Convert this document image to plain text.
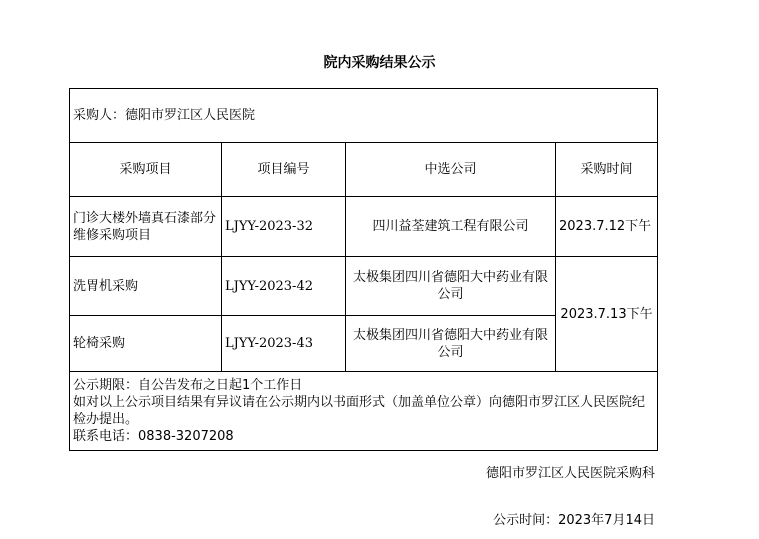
院内采购结果公示
采购人：德阳市罗江区人民医院			
采购项目	项目编号	中选公司	采购时间
门诊大楼外墙真石漆部分维修采购项目	LJYY-2023-32	四川益荃建筑工程有限公司	2023.7.12下午
洗胃机采购	LJYY-2023-42	太极集团四川省德阳大中药业有限公司	2023.7.13下午
轮椅采购	LJYY-2023-43	太极集团四川省德阳大中药业有限公司	

公示期限：自公告发布之日起1个工作日
如对以上公示项目结果有异议请在公示期内以书面形式（加盖单位公章）向德阳市罗江区人民医院纪检办提出。
联系电话：0838-3207208			
德阳市罗江区人民医院采购科
公示时间：2023年7月14日
